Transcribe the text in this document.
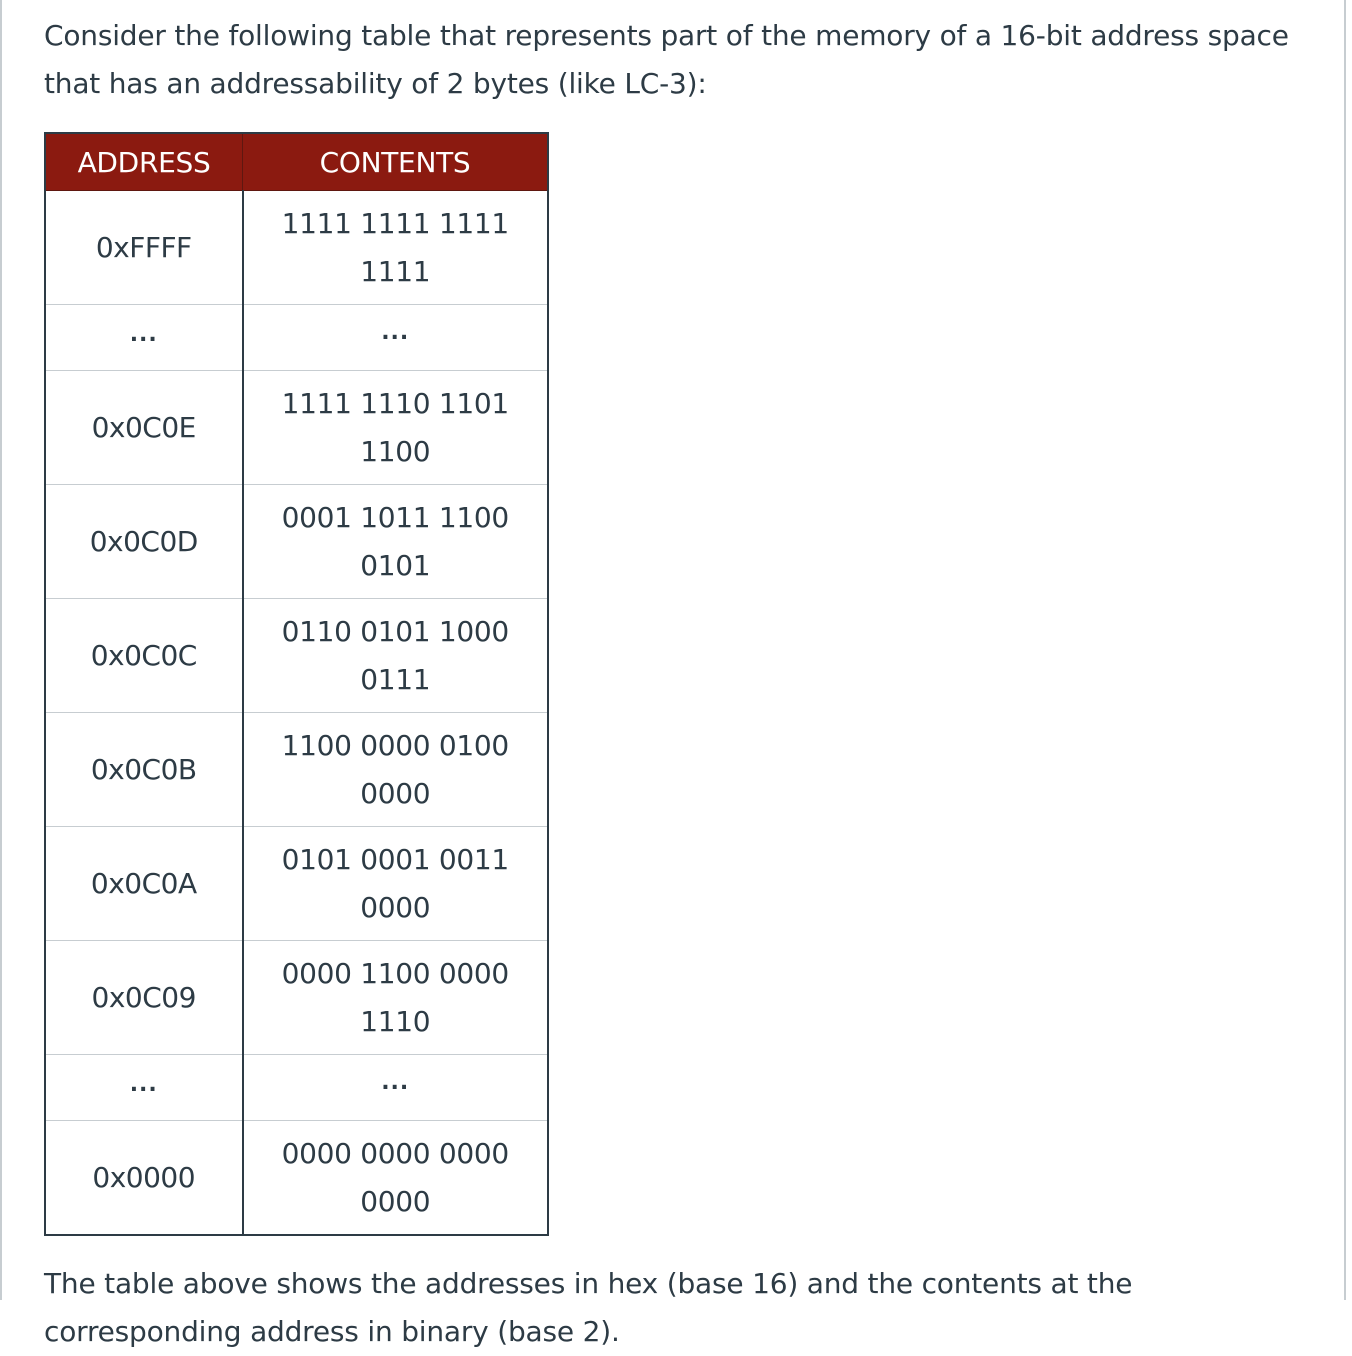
Consider the following table that represents part of the memory of a 16-bit address space that has an addressability of 2 bytes (like LC-3):

ADDRESS	CONTENTS
0xFFFF	1111 1111 1111 1111
...	...
0x0C0E	1111 1110 1101 1100
0x0C0D	0001 1011 1100 0101
0x0C0C	0110 0101 1000 0111
0x0C0B	1100 0000 0100 0000
0x0C0A	0101 0001 0011 0000
0x0C09	0000 1100 0000 1110
...	...
0x0000	0000 0000 0000 0000

The table above shows the addresses in hex (base 16) and the contents at the corresponding address in binary (base 2).
